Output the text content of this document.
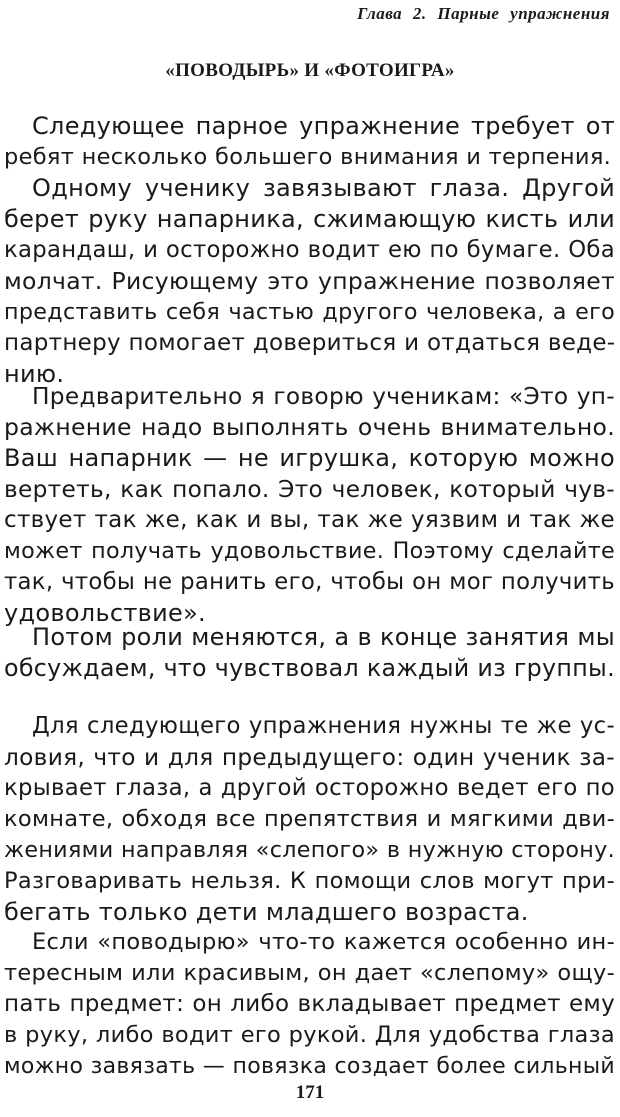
Глава 2. Парные упражнения
«ПОВОДЫРЬ» И «ФОТОИГРА»
Следующее парное упражнение требует от
ребят несколько большего внимания и терпения.
Одному ученику завязывают глаза. Другой
берет руку напарника, сжимающую кисть или
карандаш, и осторожно водит ею по бумаге. Оба
молчат. Рисующему это упражнение позволяет
представить себя частью другого человека, а его
партнеру помогает довериться и отдаться веде-
нию.
Предварительно я говорю ученикам: «Это уп-
ражнение надо выполнять очень внимательно.
Ваш напарник — не игрушка, которую можно
вертеть, как попало. Это человек, который чув-
ствует так же, как и вы, так же уязвим и так же
может получать удовольствие. Поэтому сделайте
так, чтобы не ранить его, чтобы он мог получить
удовольствие».
Потом роли меняются, а в конце занятия мы
обсуждаем, что чувствовал каждый из группы.
Для следующего упражнения нужны те же ус-
ловия, что и для предыдущего: один ученик за-
крывает глаза, а другой осторожно ведет его по
комнате, обходя все препятствия и мягкими дви-
жениями направляя «слепого» в нужную сторону.
Разговаривать нельзя. К помощи слов могут при-
бегать только дети младшего возраста.
Если «поводырю» что-то кажется особенно ин-
тересным или красивым, он дает «слепому» ощу-
пать предмет: он либо вкладывает предмет ему
в руку, либо водит его рукой. Для удобства глаза
можно завязать — повязка создает более сильный
171
